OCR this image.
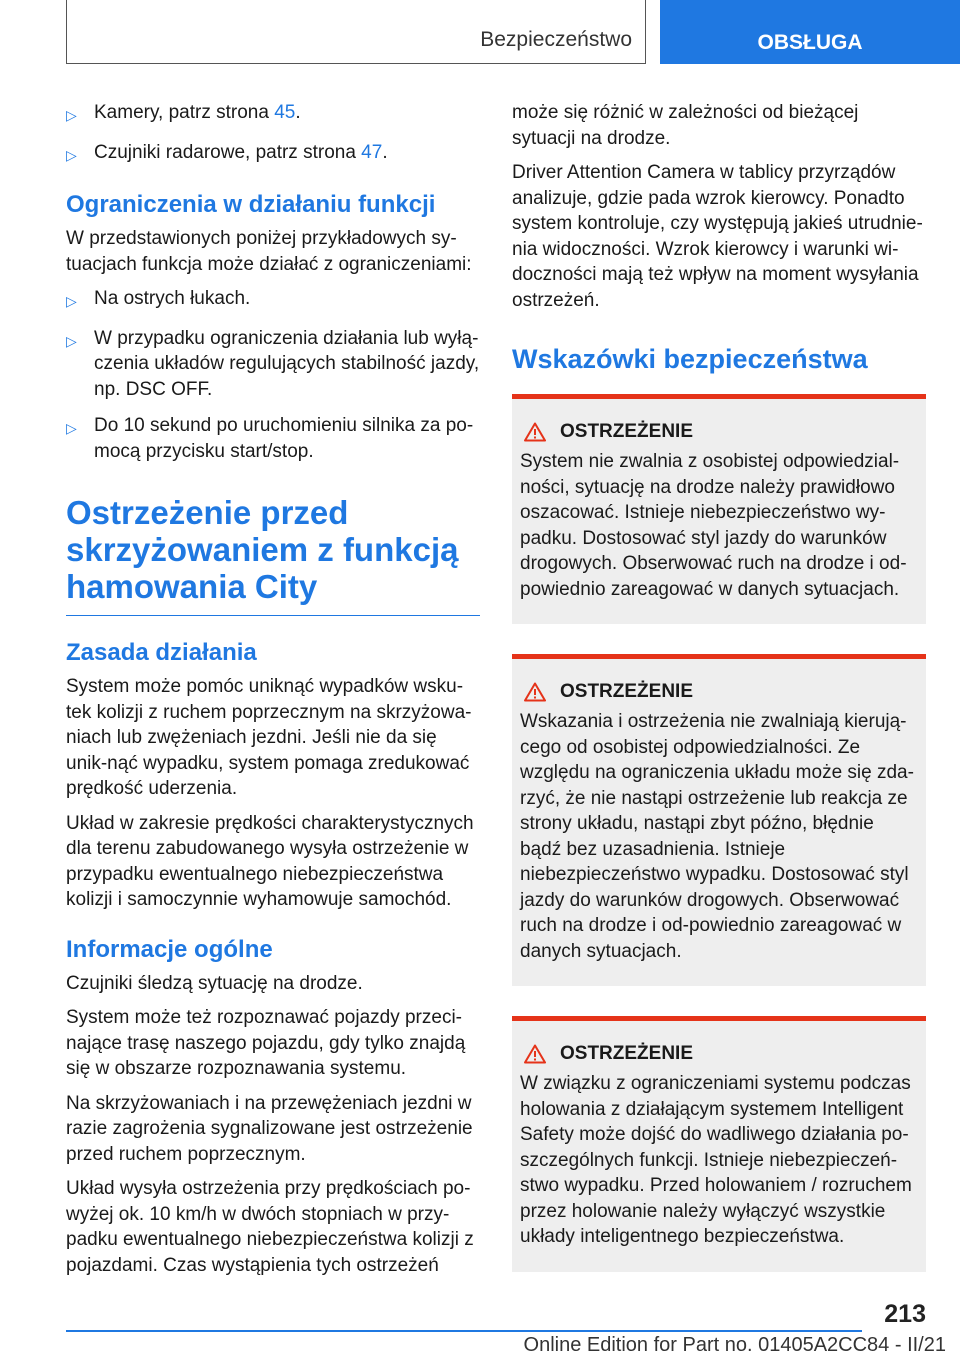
Bezpieczeństwo	OBSŁUGA
▷ Kamery, patrz strona 45.
▷ Czujniki radarowe, patrz strona 47.
Ograniczenia w działaniu funkcji

W przedstawionych poniżej przykładowych sy-tuacjach funkcja może działać z ograniczeniami:

▷ Na ostrych łukach.
▷ W przypadku ograniczenia działania lub wyłą-czenia układów regulujących stabilność jazdy, np. DSC OFF.
▷ Do 10 sekund po uruchomieniu silnika za po-mocą przycisku start/stop.
Ostrzeżenie przed skrzyżowaniem z funkcją hamowania City
Zasada działania

System może pomóc uniknąć wypadków wsku-tek kolizji z ruchem poprzecznym na skrzyżowa-niach lub zwężeniach jezdni. Jeśli nie da się unik-nąć wypadku, system pomaga zredukować prędkość uderzenia.

Układ w zakresie prędkości charakterystycznych dla terenu zabudowanego wysyła ostrzeżenie w przypadku ewentualnego niebezpieczeństwa kolizji i samoczynnie wyhamowuje samochód.

Informacje ogólne

Czujniki śledzą sytuację na drodze.

System może też rozpoznawać pojazdy przeci-nające trasę naszego pojazdu, gdy tylko znajdą się w obszarze rozpoznawania systemu.

Na skrzyżowaniach i na przewężeniach jezdni w razie zagrożenia sygnalizowane jest ostrzeżenie przed ruchem poprzecznym.

Układ wysyła ostrzeżenia przy prędkościach po-wyżej ok. 10 km/h w dwóch stopniach w przy-padku ewentualnego niebezpieczeństwa kolizji z pojazdami. Czas wystąpienia tych ostrzeżeń

może się różnić w zależności od bieżącej sytuacji na drodze.

Driver Attention Camera w tablicy przyrządów analizuje, gdzie pada wzrok kierowcy. Ponadto system kontroluje, czy występują jakieś utrudnie-nia widoczności. Wzrok kierowcy i warunki wi-doczności mają też wpływ na moment wysyłania ostrzeżeń.

Wskazówki bezpieczeństwa
OSTRZEŻENIE

System nie zwalnia z osobistej odpowiedzial-ności, sytuację na drodze należy prawidłowo oszacować. Istnieje niebezpieczeństwo wy-padku. Dostosować styl jazdy do warunków drogowych. Obserwować ruch na drodze i od-powiednio zareagować w danych sytuacjach.

OSTRZEŻENIE

Wskazania i ostrzeżenia nie zwalniają kierują-cego od osobistej odpowiedzialności. Ze względu na ograniczenia układu może się zda-rzyć, że nie nastąpi ostrzeżenie lub reakcja ze strony układu, nastąpi zbyt późno, błędnie bądź bez uzasadnienia. Istnieje niebezpieczeństwo wypadku. Dostosować styl jazdy do warunków drogowych. Obserwować ruch na drodze i od-powiednio zareagować w danych sytuacjach.

OSTRZEŻENIE

W związku z ograniczeniami systemu podczas holowania z działającym systemem Intelligent Safety może dojść do wadliwego działania po-szczególnych funkcji. Istnieje niebezpieczeń-stwo wypadku. Przed holowaniem / rozruchem przez holowanie należy wyłączyć wszystkie układy inteligentnego bezpieczeństwa.

213
Online Edition for Part no. 01405A2CC84 - II/21
